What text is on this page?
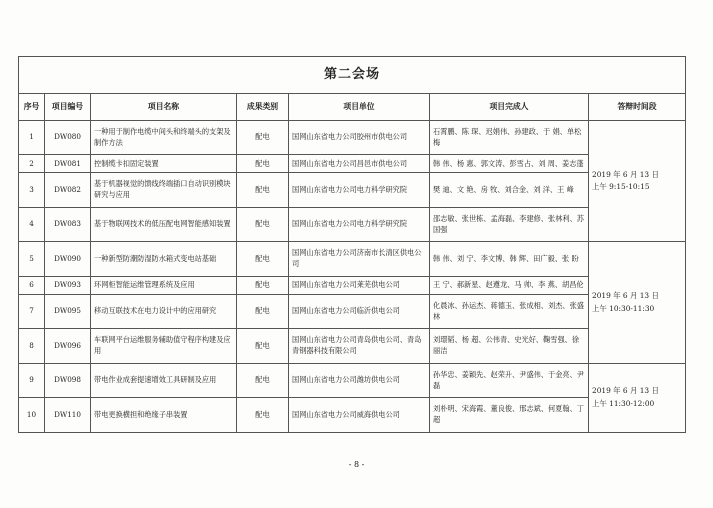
第二会场						
序号	项目编号	项目名称	成果类别	项目单位	项目完成人	答辩时间段
1	DW080	一种用于制作电缆中间头和终端头的支架及制作方法	配电	国网山东省电力公司胶州市供电公司	石霄鹏、陈 琛、迟娟伟、孙建政、于 娟、单松梅	2019 年 6 月 13 日
上午 9:15-10:15

2	DW081	控制缆卡扣固定装置	配电	国网山东省电力公司昌邑市供电公司	韩 伟、杨 惠、郭文涛、彭雪占、刘 周、姜志蓬	
3	DW082	基于机器视觉的馈线终端插口自动识别模块研究与应用	配电	国网山东省电力公司电力科学研究院	樊 迪、文 艳、房 牧、刘合金、刘 洋、王 峰	
4	DW083	基于物联网技术的低压配电网智能感知装置	配电	国网山东省电力公司电力科学研究院	邵志敏、张世栋、孟海磊、李建修、张林利、苏国强	
5	DW090	一种新型防潮防湿防水箱式变电站基础	配电	国网山东省电力公司济南市长清区供电公司	韩 伟、刘 宁、李文博、韩 辉、田广毅、张 盼	2019 年 6 月 13 日
上午 10:30-11:30

6	DW093	环网柜智能运维管理系统及应用	配电	国网山东省电力公司莱芜供电公司	王 宁、郝新星、赵遵龙、马 帅、李 燕、胡昌伦	
7	DW095	移动互联技术在电力设计中的应用研究	配电	国网山东省电力公司临沂供电公司	化晨冰、孙运杰、蒋德玉、张成相、刘杰、张盛林	
8	DW096	车联网平台运维服务辅助值守程序构建及应用	配电	国网山东省电力公司青岛供电公司、青岛青钢器科技有限公司	刘璟韬、杨 超、公伟青、史光好、鞠雪强、徐丽洁	
9	DW098	带电作业成套提速增效工具研制及应用	配电	国网山东省电力公司潍坊供电公司	孙华忠、姜颖先、赵荣升、尹盛伟、于金亮、尹 磊	2019 年 6 月 13 日
上午 11:30-12:00

10	DW110	带电更换横担和绝缘子串装置	配电	国网山东省电力公司威海供电公司	刘朴明、宋海霞、董良俊、邢志斌、何夏翰、丁 超	
- 8 -
